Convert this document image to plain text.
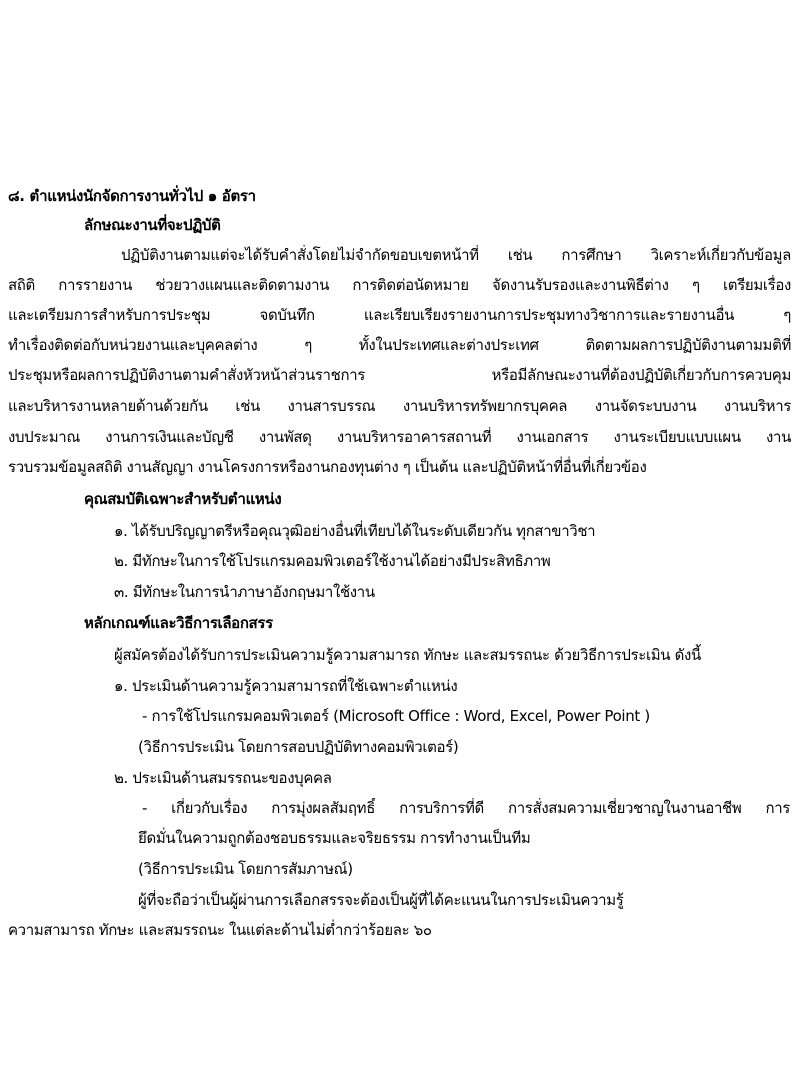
๘. ตำแหน่งนักจัดการงานทั่วไป ๑ อัตรา
ลักษณะงานที่จะปฏิบัติ
ปฏิบัติงานตามแต่จะได้รับคำสั่งโดยไม่จำกัดขอบเขตหน้าที่ เช่น การศึกษา วิเคราะห์เกี่ยวกับข้อมูล
สถิติ การรายงาน ช่วยวางแผนและติดตามงาน การติดต่อนัดหมาย จัดงานรับรองและงานพิธีต่าง ๆ เตรียมเรื่อง
และเตรียมการสำหรับการประชุม จดบันทึก และเรียบเรียงรายงานการประชุมทางวิชาการและรายงานอื่น ๆ
ทำเรื่องติดต่อกับหน่วยงานและบุคคลต่าง ๆ ทั้งในประเทศและต่างประเทศ ติดตามผลการปฏิบัติงานตามมติที่
ประชุมหรือผลการปฏิบัติงานตามคำสั่งหัวหน้าส่วนราชการ หรือมีลักษณะงานที่ต้องปฏิบัติเกี่ยวกับการควบคุม
และบริหารงานหลายด้านด้วยกัน เช่น งานสารบรรณ งานบริหารทรัพยากรบุคคล งานจัดระบบงาน งานบริหาร
งบประมาณ งานการเงินและบัญชี งานพัสดุ งานบริหารอาคารสถานที่ งานเอกสาร งานระเบียบแบบแผน งาน
รวบรวมข้อมูลสถิติ งานสัญญา งานโครงการหรืองานกองทุนต่าง ๆ เป็นต้น และปฏิบัติหน้าที่อื่นที่เกี่ยวข้อง
คุณสมบัติเฉพาะสำหรับตำแหน่ง
๑. ได้รับปริญญาตรีหรือคุณวุฒิอย่างอื่นที่เทียบได้ในระดับเดียวกัน ทุกสาขาวิชา
๒. มีทักษะในการใช้โปรแกรมคอมพิวเตอร์ใช้งานได้อย่างมีประสิทธิภาพ
๓. มีทักษะในการนำภาษาอังกฤษมาใช้งาน
หลักเกณฑ์และวิธีการเลือกสรร
ผู้สมัครต้องได้รับการประเมินความรู้ความสามารถ ทักษะ และสมรรถนะ ด้วยวิธีการประเมิน ดังนี้
๑. ประเมินด้านความรู้ความสามารถที่ใช้เฉพาะตำแหน่ง
- การใช้โปรแกรมคอมพิวเตอร์ (Microsoft Office : Word, Excel, Power Point )
(วิธีการประเมิน โดยการสอบปฏิบัติทางคอมพิวเตอร์)
๒. ประเมินด้านสมรรถนะของบุคคล
- เกี่ยวกับเรื่อง การมุ่งผลสัมฤทธิ์ การบริการที่ดี การสั่งสมความเชี่ยวชาญในงานอาชีพ การ
ยึดมั่นในความถูกต้องชอบธรรมและจริยธรรม การทำงานเป็นทีม
(วิธีการประเมิน โดยการสัมภาษณ์)
ผู้ที่จะถือว่าเป็นผู้ผ่านการเลือกสรรจะต้องเป็นผู้ที่ได้คะแนนในการประเมินความรู้
ความสามารถ ทักษะ และสมรรถนะ ในแต่ละด้านไม่ต่ำกว่าร้อยละ ๖๐
